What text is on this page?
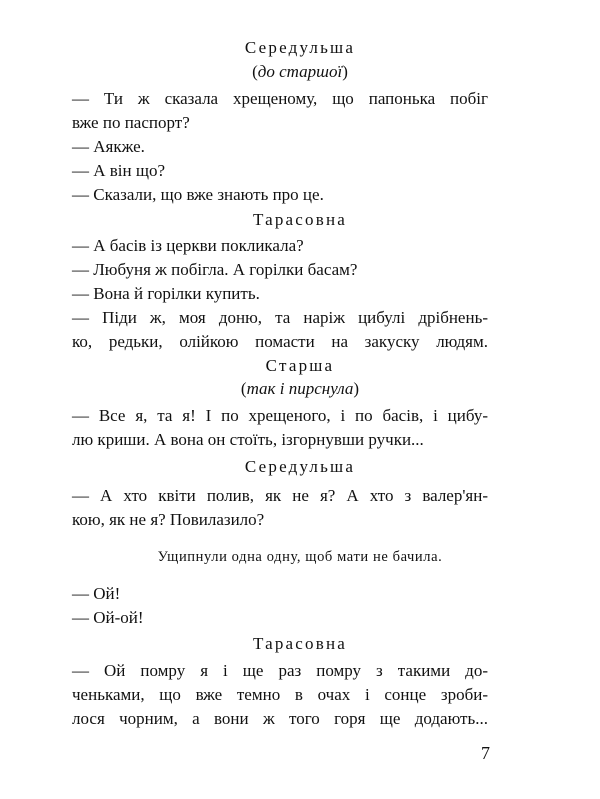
Середульша
(до старшої)
— Ти ж сказала хрещеному, що папонька побіг
вже по паспорт?
— Аякже.
— А він що?
— Сказали, що вже знають про це.
Тарасовна
— А басів із церкви покликала?
— Любуня ж побігла. А горілки басам?
— Вона й горілки купить.
— Піди ж, моя доню, та наріж цибулі дрібнень-
ко, редьки, олійкою помасти на закуску людям.
Старша
(так і пирснула)
— Все я, та я! І по хрещеного, і по басів, і цибу-
лю криши. А вона он стоїть, ізгорнувши ручки...
Середульша
— А хто квіти полив, як не я? А хто з валер'ян-
кою, як не я? Повилазило?
Ущипнули одна одну, щоб мати не бачила.
— Ой!
— Ой-ой!
Тарасовна
— Ой помру я і ще раз помру з такими до-
ченьками, що вже темно в очах і сонце зроби-
лося чорним, а вони ж того горя ще додають...
7
